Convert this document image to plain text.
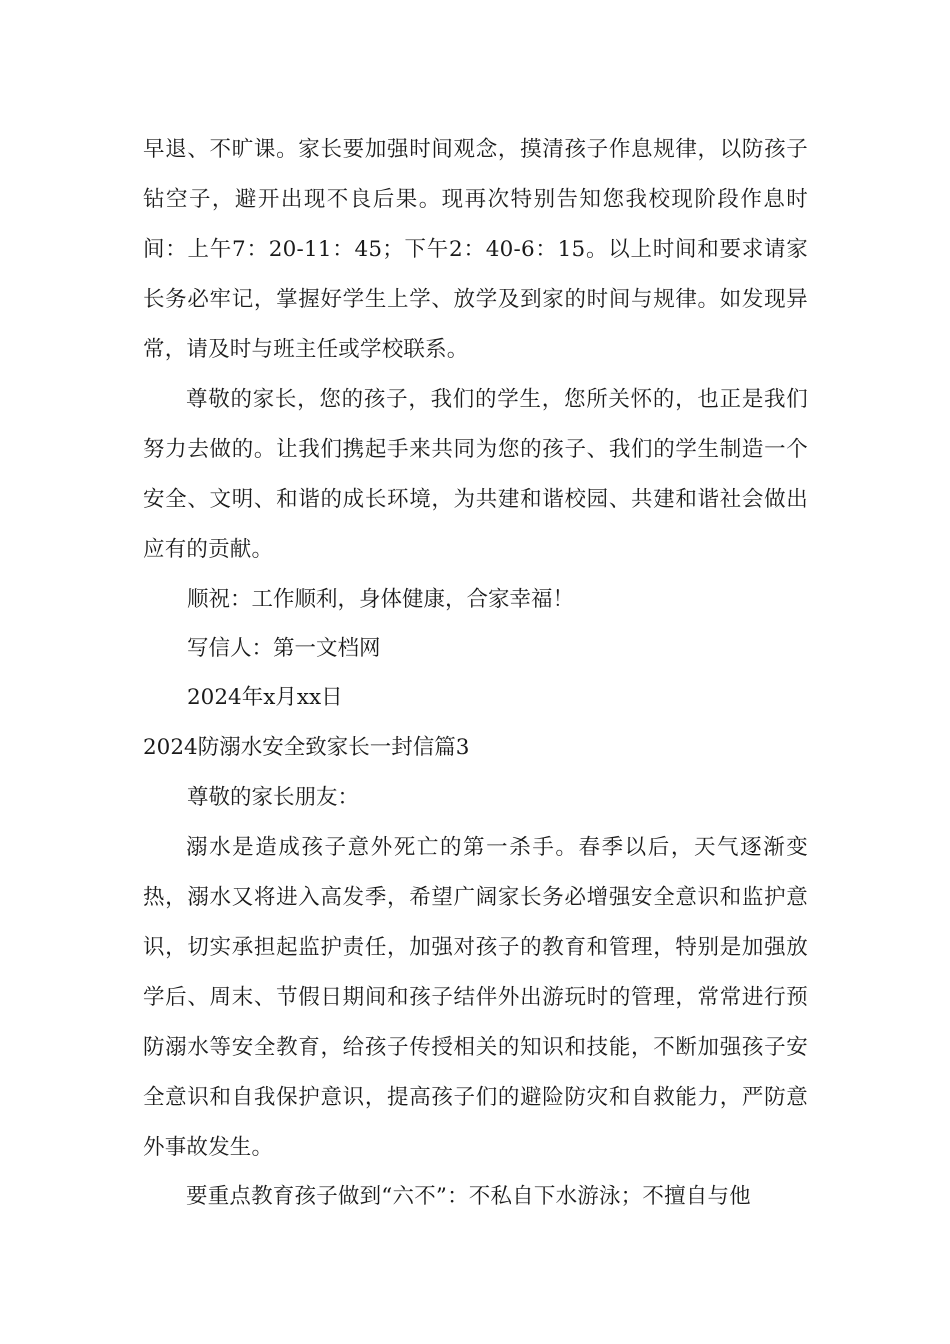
早退、不旷课。家长要加强时间观念，摸清孩子作息规律，以防孩子钻空子，避开出现不良后果。现再次特别告知您我校现阶段作息时间：上午7：20-11：45；下午2：40-6：15。以上时间和要求请家长务必牢记，掌握好学生上学、放学及到家的时间与规律。如发现异常，请及时与班主任或学校联系。

尊敬的家长，您的孩子，我们的学生，您所关怀的，也正是我们努力去做的。让我们携起手来共同为您的孩子、我们的学生制造一个安全、文明、和谐的成长环境，为共建和谐校园、共建和谐社会做出应有的贡献。

顺祝：工作顺利，身体健康，合家幸福！
写信人：第一文档网
2024年x月xx日
2024防溺水安全致家长一封信篇3
尊敬的家长朋友：

溺水是造成孩子意外死亡的第一杀手。春季以后，天气逐渐变热，溺水又将进入高发季，希望广阔家长务必增强安全意识和监护意识，切实承担起监护责任，加强对孩子的教育和管理，特别是加强放学后、周末、节假日期间和孩子结伴外出游玩时的管理，常常进行预防溺水等安全教育，给孩子传授相关的知识和技能，不断加强孩子安全意识和自我保护意识，提高孩子们的避险防灾和自救能力，严防意外事故发生。

要重点教育孩子做到“六不”：不私自下水游泳；不擅自与他
